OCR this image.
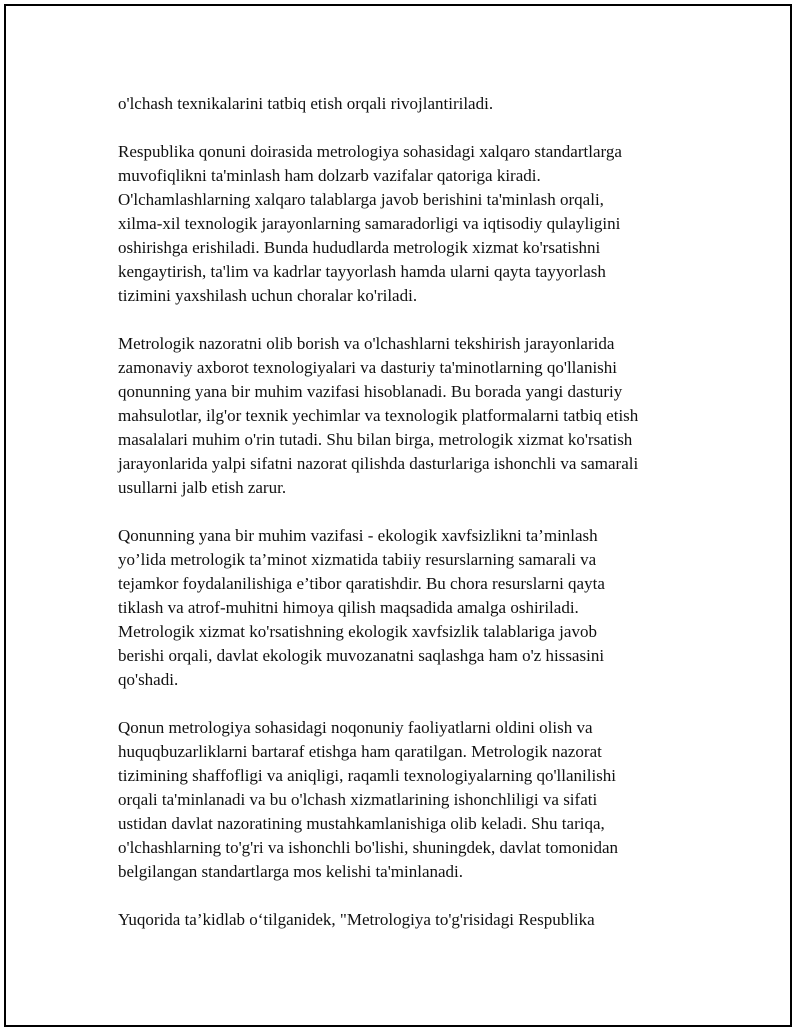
o'lchash texnikalarini tatbiq etish orqali rivojlantiriladi.

Respublika qonuni doirasida metrologiya sohasidagi xalqaro standartlarga
muvofiqlikni ta'minlash ham dolzarb vazifalar qatoriga kiradi.
O'lchamlashlarning xalqaro talablarga javob berishini ta'minlash orqali,
xilma-xil texnologik jarayonlarning samaradorligi va iqtisodiy qulayligini
oshirishga erishiladi. Bunda hududlarda metrologik xizmat ko'rsatishni
kengaytirish, ta'lim va kadrlar tayyorlash hamda ularni qayta tayyorlash
tizimini yaxshilash uchun choralar ko'riladi.

Metrologik nazoratni olib borish va o'lchashlarni tekshirish jarayonlarida
zamonaviy axborot texnologiyalari va dasturiy ta'minotlarning qo'llanishi
qonunning yana bir muhim vazifasi hisoblanadi. Bu borada yangi dasturiy
mahsulotlar, ilg'or texnik yechimlar va texnologik platformalarni tatbiq etish
masalalari muhim o'rin tutadi. Shu bilan birga, metrologik xizmat ko'rsatish
jarayonlarida yalpi sifatni nazorat qilishda dasturlariga ishonchli va samarali
usullarni jalb etish zarur.

Qonunning yana bir muhim vazifasi - ekologik xavfsizlikni ta’minlash
yo’lida metrologik ta’minot xizmatida tabiiy resurslarning samarali va
tejamkor foydalanilishiga e’tibor qaratishdir. Bu chora resurslarni qayta
tiklash va atrof-muhitni himoya qilish maqsadida amalga oshiriladi.
Metrologik xizmat ko'rsatishning ekologik xavfsizlik talablariga javob
berishi orqali, davlat ekologik muvozanatni saqlashga ham o'z hissasini
qo'shadi.

Qonun metrologiya sohasidagi noqonuniy faoliyatlarni oldini olish va
huquqbuzarliklarni bartaraf etishga ham qaratilgan. Metrologik nazorat
tizimining shaffofligi va aniqligi, raqamli texnologiyalarning qo'llanilishi
orqali ta'minlanadi va bu o'lchash xizmatlarining ishonchliligi va sifati
ustidan davlat nazoratining mustahkamlanishiga olib keladi. Shu tariqa,
o'lchashlarning to'g'ri va ishonchli bo'lishi, shuningdek, davlat tomonidan
belgilangan standartlarga mos kelishi ta'minlanadi.

Yuqorida ta’kidlab o‘tilganidek, "Metrologiya to'g'risidagi Respublika
